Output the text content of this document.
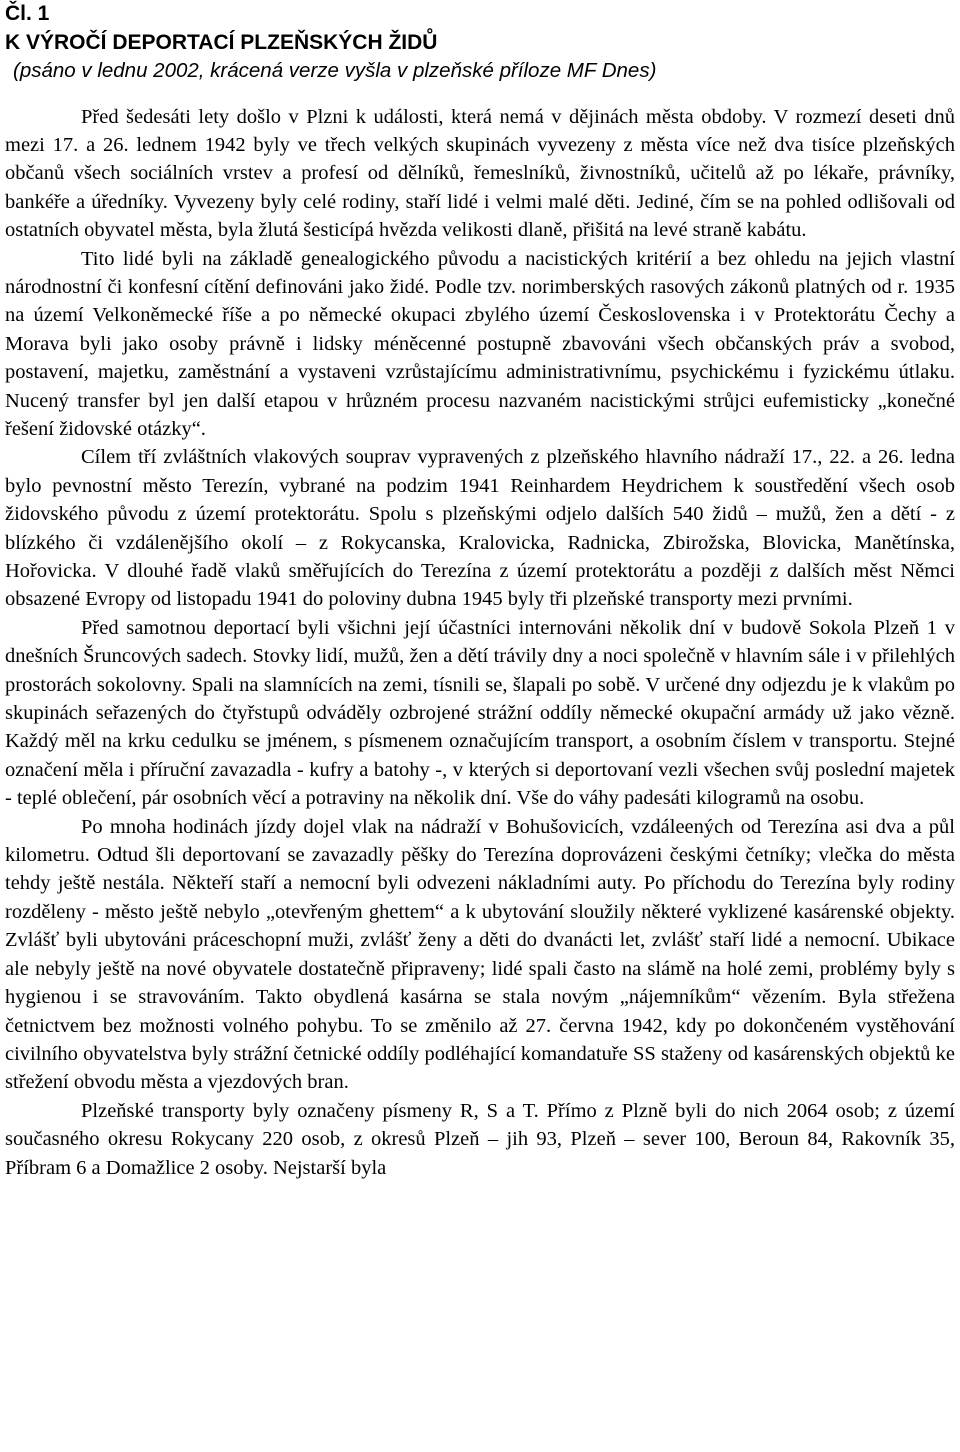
Čl. 1
K VÝROČÍ DEPORTACÍ PLZEŇSKÝCH ŽIDŮ
(psáno v lednu 2002, krácená verze vyšla v plzeňské příloze MF Dnes)

Před šedesáti lety došlo v Plzni k události, která nemá v dějinách města obdoby. V rozmezí deseti dnů mezi 17. a 26. lednem 1942 byly ve třech velkých skupinách vyvezeny z města více než dva tisíce plzeňských občanů všech sociálních vrstev a profesí od dělníků, řemeslníků, živnostníků, učitelů až po lékaře, právníky, bankéře a úředníky. Vyvezeny byly celé rodiny, staří lidé i velmi malé děti. Jediné, čím se na pohled odlišovali od ostatních obyvatel města, byla žlutá šesticípá hvězda velikosti dlaně, přišitá na levé straně kabátu.

Tito lidé byli na základě genealogického původu a nacistických kritérií a bez ohledu na jejich vlastní národnostní či konfesní cítění definováni jako židé. Podle tzv. norimberských rasových zákonů platných od r. 1935 na území Velkoněmecké říše a po německé okupaci zbylého území Československa i v Protektorátu Čechy a Morava byli jako osoby právně i lidsky méněcenné postupně zbavováni všech občanských práv a svobod, postavení, majetku, zaměstnání a vystaveni vzrůstajícímu administrativnímu, psychickému i fyzickému útlaku. Nucený transfer byl jen další etapou v hrůzném procesu nazvaném nacistickými strůjci eufemisticky „konečné řešení židovské otázky“.

Cílem tří zvláštních vlakových souprav vypravených z plzeňského hlavního nádraží 17., 22. a 26. ledna bylo pevnostní město Terezín, vybrané na podzim 1941 Reinhardem Heydrichem k soustředění všech osob židovského původu z území protektorátu. Spolu s plzeňskými odjelo dalších 540 židů – mužů, žen a dětí - z blízkého či vzdálenějšího okolí – z Rokycanska, Kralovicka, Radnicka, Zbirožska, Blovicka, Manětínska, Hořovicka. V dlouhé řadě vlaků směřujících do Terezína z území protektorátu a později z dalších měst Němci obsazené Evropy od listopadu 1941 do poloviny dubna 1945 byly tři plzeňské transporty mezi prvními.

Před samotnou deportací byli všichni její účastníci internováni několik dní v budově Sokola Plzeň 1 v dnešních Šruncových sadech. Stovky lidí, mužů, žen a dětí trávily dny a noci společně v hlavním sále i v přilehlých prostorách sokolovny. Spali na slamnících na zemi, tísnili se, šlapali po sobě. V určené dny odjezdu je k vlakům po skupinách seřazených do čtyřstupů odváděly ozbrojené strážní oddíly německé okupační armády už jako vězně. Každý měl na krku cedulku se jménem, s písmenem označujícím transport, a osobním číslem v transportu. Stejné označení měla i příruční zavazadla - kufry a batohy -, v kterých si deportovaní vezli všechen svůj poslední majetek - teplé oblečení, pár osobních věcí a potraviny na několik dní. Vše do váhy padesáti kilogramů na osobu.

Po mnoha hodinách jízdy dojel vlak na nádraží v Bohušovicích, vzdáleených od Terezína asi dva a půl kilometru. Odtud šli deportovaní se zavazadly pěšky do Terezína doprovázeni českými četníky; vlečka do města tehdy ještě nestála. Někteří staří a nemocní byli odvezeni nákladními auty. Po příchodu do Terezína byly rodiny rozděleny - město ještě nebylo „otevřeným ghettem“ a k ubytování sloužily některé vyklizené kasárenské objekty. Zvlášť byli ubytováni práceschopní muži, zvlášť ženy a děti do dvanácti let, zvlášť staří lidé a nemocní. Ubikace ale nebyly ještě na nové obyvatele dostatečně připraveny; lidé spali často na slámě na holé zemi, problémy byly s hygienou i se stravováním. Takto obydlená kasárna se stala novým „nájemníkům“ vězením. Byla střežena četnictvem bez možnosti volného pohybu. To se změnilo až 27. června 1942, kdy po dokončeném vystěhování civilního obyvatelstva byly strážní četnické oddíly podléhající komandatuře SS staženy od kasárenských objektů ke střežení obvodu města a vjezdových bran.

Plzeňské transporty byly označeny písmeny R, S a T. Přímo z Plzně byli do nich 2064 osob; z území současného okresu Rokycany 220 osob, z okresů Plzeň – jih 93, Plzeň – sever 100, Beroun 84, Rakovník 35, Příbram 6 a Domažlice 2 osoby. Nejstarší byla
